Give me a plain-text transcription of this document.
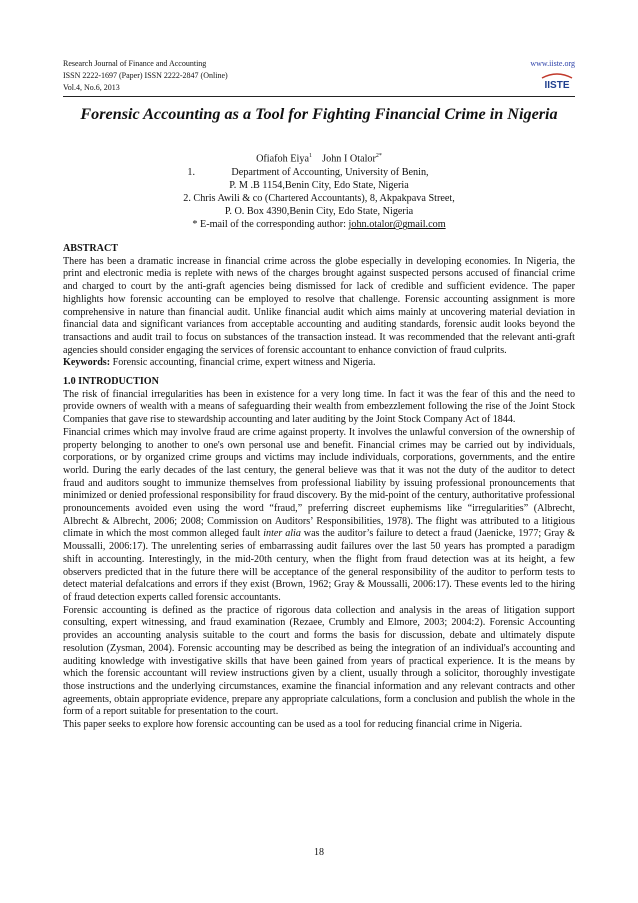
Research Journal of Finance and Accounting
ISSN 2222-1697 (Paper) ISSN 2222-2847 (Online)
Vol.4, No.6, 2013
www.iiste.org
IISTE
Forensic Accounting as a Tool for Fighting Financial Crime in Nigeria
Ofiafoh Eiya$^1$ John I Otalor$^{2*}$
1.	Department of Accounting, University of Benin,
P. M .B 1154,Benin City, Edo State, Nigeria
2. Chris Awili & co (Chartered Accountants), 8, Akpakpava Street,
P. O. Box 4390,Benin City, Edo State, Nigeria
* E-mail of the corresponding author: john.otalor@gmail.com

ABSTRACT

There has been a dramatic increase in financial crime across the globe especially in developing economies. In Nigeria, the print and electronic media is replete with news of the charges brought against suspected persons accused of financial crime and charged to court by the anti-graft agencies being dismissed for lack of credible and sufficient evidence. The paper highlights how forensic accounting can be employed to resolve that challenge. Forensic accounting assignment is more comprehensive in nature than financial audit. Unlike financial audit which aims mainly at uncovering material deviation in financial data and significant variances from acceptable accounting and auditing standards, forensic audit looks beyond the transactions and audit trail to focus on substances of the transaction instead. It was recommended that the relevant anti-graft agencies should consider engaging the services of forensic accountant to enhance conviction of fraud culprits.

Keywords: Forensic accounting, financial crime, expert witness and Nigeria.

1.0 INTRODUCTION

The risk of financial irregularities has been in existence for a very long time. In fact it was the fear of this and the need to provide owners of wealth with a means of safeguarding their wealth from embezzlement following the rise of the Joint Stock Companies that gave rise to stewardship accounting and later auditing by the Joint Stock Company Act of 1844.

Financial crimes which may involve fraud are crime against property. It involves the unlawful conversion of the ownership of property belonging to another to one's own personal use and benefit. Financial crimes may be carried out by individuals, corporations, or by organized crime groups and victims may include individuals, corporations, governments, and the entire world. During the early decades of the last century, the general believe was that it was not the duty of the auditor to detect fraud and auditors sought to immunize themselves from professional liability by issuing professional pronouncements that minimized or denied professional responsibility for fraud discovery. By the mid-point of the century, authoritative professional pronouncements avoided even using the word “fraud,” preferring discreet euphemisms like “irregularities” (Albrecht, Albrecht & Albrecht, 2006; 2008; Commission on Auditors’ Responsibilities, 1978). The flight was attributed to a litigious climate in which the most common alleged fault inter alia was the auditor’s failure to detect a fraud (Jaenicke, 1977; Gray & Moussalli, 2006:17). The unrelenting series of embarrassing audit failures over the last 50 years has prompted a paradigm shift in accounting. Interestingly, in the mid-20th century, when the flight from fraud detection was at its height, a few observers predicted that in the future there will be acceptance of the general responsibility of the auditor to perform tests to detect material defalcations and errors if they exist (Brown, 1962; Gray & Moussalli, 2006:17). These events led to the hiring of fraud detection experts called forensic accountants.

Forensic accounting is defined as the practice of rigorous data collection and analysis in the areas of litigation support consulting, expert witnessing, and fraud examination (Rezaee, Crumbly and Elmore, 2003; 2004:2). Forensic Accounting provides an accounting analysis suitable to the court and forms the basis for discussion, debate and ultimately dispute resolution (Zysman, 2004). Forensic accounting may be described as being the integration of an individual's accounting and auditing knowledge with investigative skills that have been gained from years of practical experience. It is the means by which the forensic accountant will review instructions given by a client, usually through a solicitor, thoroughly investigate those instructions and the underlying circumstances, examine the financial information and any relevant contracts and other agreements, obtain appropriate evidence, prepare any appropriate calculations, form a conclusion and publish the whole in the form of a report suitable for presentation to the court.

This paper seeks to explore how forensic accounting can be used as a tool for reducing financial crime in Nigeria.

18
